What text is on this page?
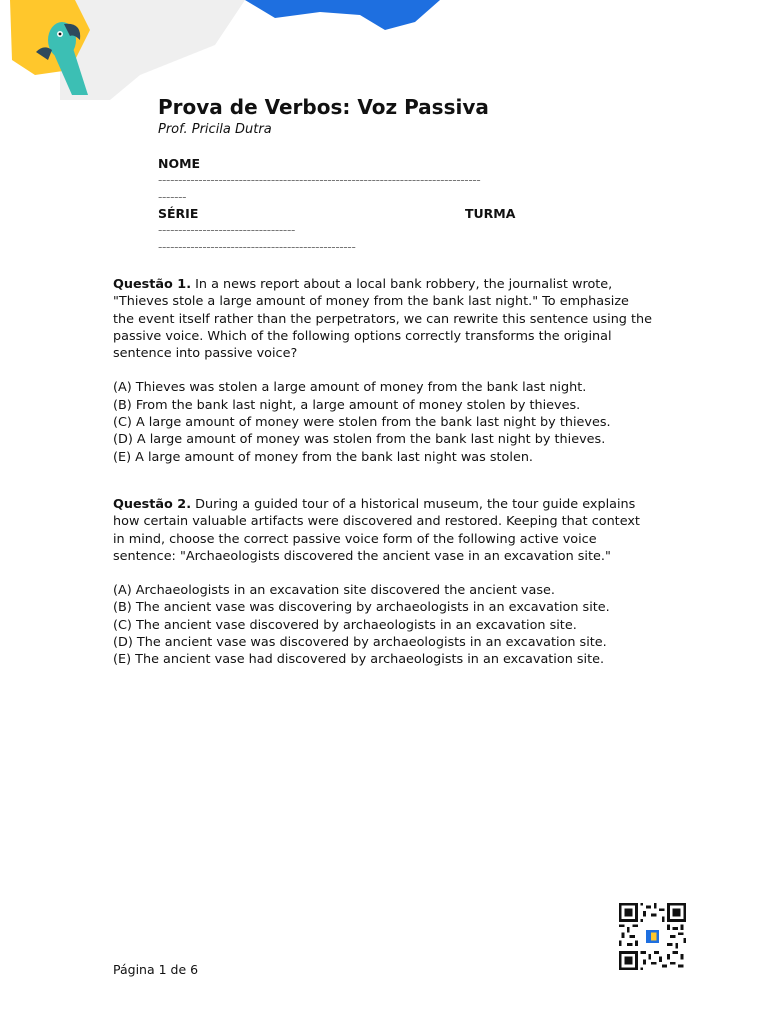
Prova de Verbos: Voz Passiva
Prof. Pricila Dutra
NOME
--------------------------------------------------------------------------------
-------
SÉRIE	TURMA
----------------------------------
-------------------------------------------------
Questão 1. In a news report about a local bank robbery, the journalist wrote, "Thieves stole a large amount of money from the bank last night." To emphasize the event itself rather than the perpetrators, we can rewrite this sentence using the passive voice. Which of the following options correctly transforms the original sentence into passive voice?
(A) Thieves was stolen a large amount of money from the bank last night.
(B) From the bank last night, a large amount of money stolen by thieves.
(C) A large amount of money were stolen from the bank last night by thieves.
(D) A large amount of money was stolen from the bank last night by thieves.
(E) A large amount of money from the bank last night was stolen.
Questão 2. During a guided tour of a historical museum, the tour guide explains how certain valuable artifacts were discovered and restored. Keeping that context in mind, choose the correct passive voice form of the following active voice sentence: "Archaeologists discovered the ancient vase in an excavation site."
(A) Archaeologists in an excavation site discovered the ancient vase.
(B) The ancient vase was discovering by archaeologists in an excavation site.
(C) The ancient vase discovered by archaeologists in an excavation site.
(D) The ancient vase was discovered by archaeologists in an excavation site.
(E) The ancient vase had discovered by archaeologists in an excavation site.
Página 1 de 6
